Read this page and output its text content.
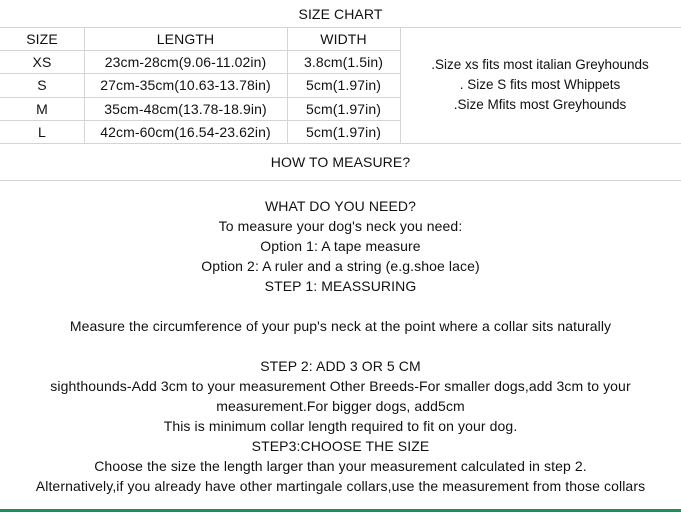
SIZE CHART
SIZE	LENGTH	WIDTH
XS	23cm-28cm(9.06-11.02in)	3.8cm(1.5in)
S	27cm-35cm(10.63-13.78in)	5cm(1.97in)
M	35cm-48cm(13.78-18.9in)	5cm(1.97in)
L	42cm-60cm(16.54-23.62in)	5cm(1.97in)
.Size xs fits most italian Greyhounds
. Size S fits most Whippets
.Size Mfits most Greyhounds
HOW TO MEASURE?
WHAT DO YOU NEED?
To measure your dog's neck you need:
Option 1: A tape measure
Option 2: A ruler and a string (e.g.shoe lace)
STEP 1: MEASSURING
Measure the circumference of your pup's neck at the point where a collar sits naturally
STEP 2: ADD 3 OR 5 CM
sighthounds-Add 3cm to your measurement Other Breeds-For smaller dogs,add 3cm to your
measurement.For bigger dogs, add5cm
This is minimum collar length required to fit on your dog.
STEP3:CHOOSE THE SIZE
Choose the size the length larger than your measurement calculated in step 2.
Alternatively,if you already have other martingale collars,use the measurement from those collars
